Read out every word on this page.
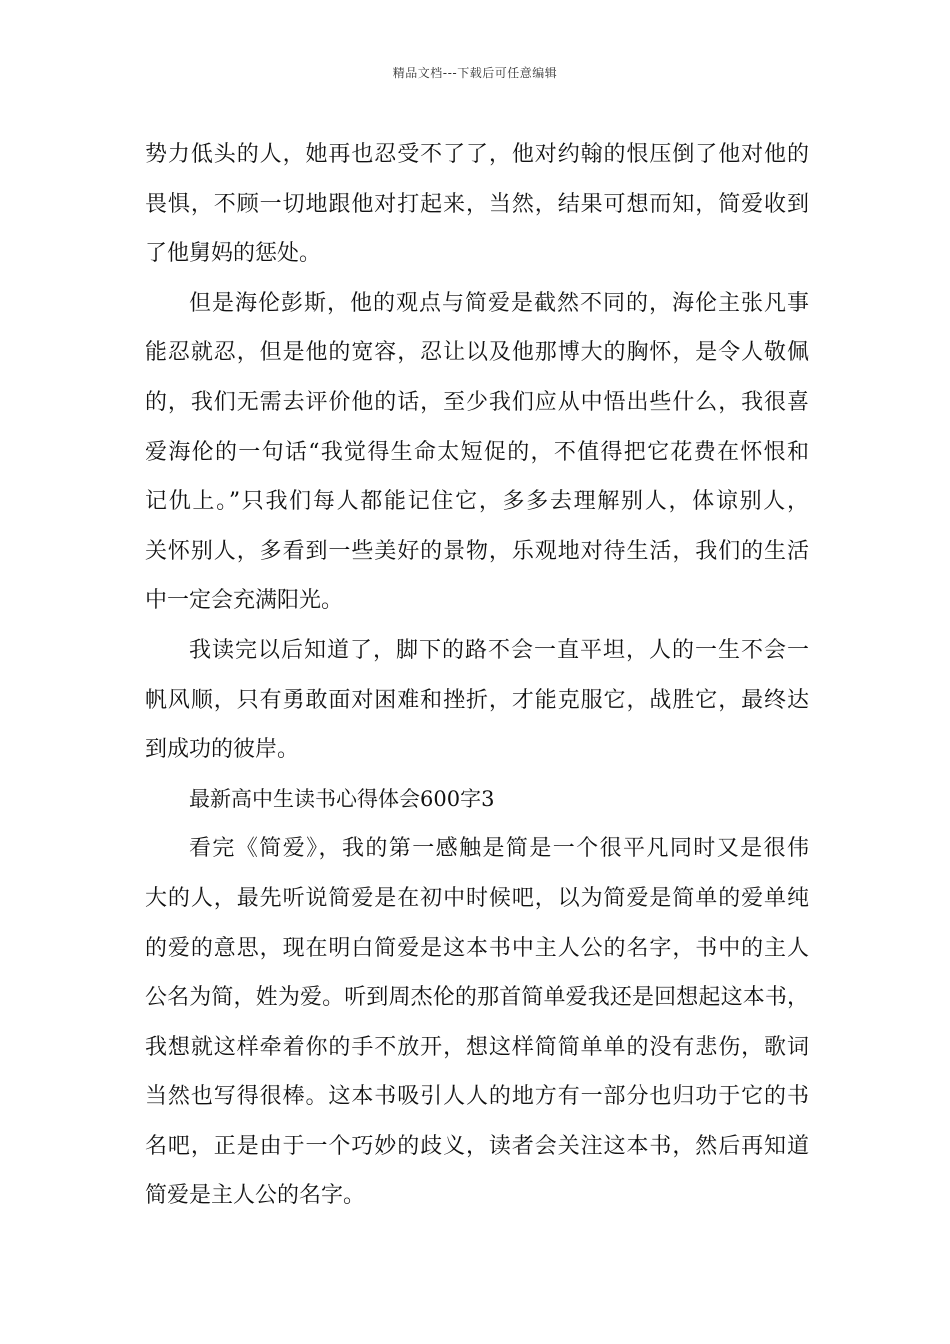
精品文档---下载后可任意编辑
势力低头的人，她再也忍受不了了，他对约翰的恨压倒了他对他的
畏惧，不顾一切地跟他对打起来，当然，结果可想而知，简爱收到
了他舅妈的惩处。
但是海伦彭斯，他的观点与简爱是截然不同的，海伦主张凡事
能忍就忍，但是他的宽容，忍让以及他那博大的胸怀，是令人敬佩
的，我们无需去评价他的话，至少我们应从中悟出些什么，我很喜
爱海伦的一句话“我觉得生命太短促的，不值得把它花费在怀恨和
记仇上。”只我们每人都能记住它，多多去理解别人，体谅别人，
关怀别人，多看到一些美好的景物，乐观地对待生活，我们的生活
中一定会充满阳光。
我读完以后知道了，脚下的路不会一直平坦，人的一生不会一
帆风顺，只有勇敢面对困难和挫折，才能克服它，战胜它，最终达
到成功的彼岸。
最新高中生读书心得体会600字3
看完《简爱》，我的第一感触是简是一个很平凡同时又是很伟
大的人，最先听说简爱是在初中时候吧，以为简爱是简单的爱单纯
的爱的意思，现在明白简爱是这本书中主人公的名字，书中的主人
公名为简，姓为爱。听到周杰伦的那首简单爱我还是回想起这本书，
我想就这样牵着你的手不放开，想这样简简单单的没有悲伤，歌词
当然也写得很棒。这本书吸引人人的地方有一部分也归功于它的书
名吧，正是由于一个巧妙的歧义，读者会关注这本书，然后再知道
简爱是主人公的名字。
